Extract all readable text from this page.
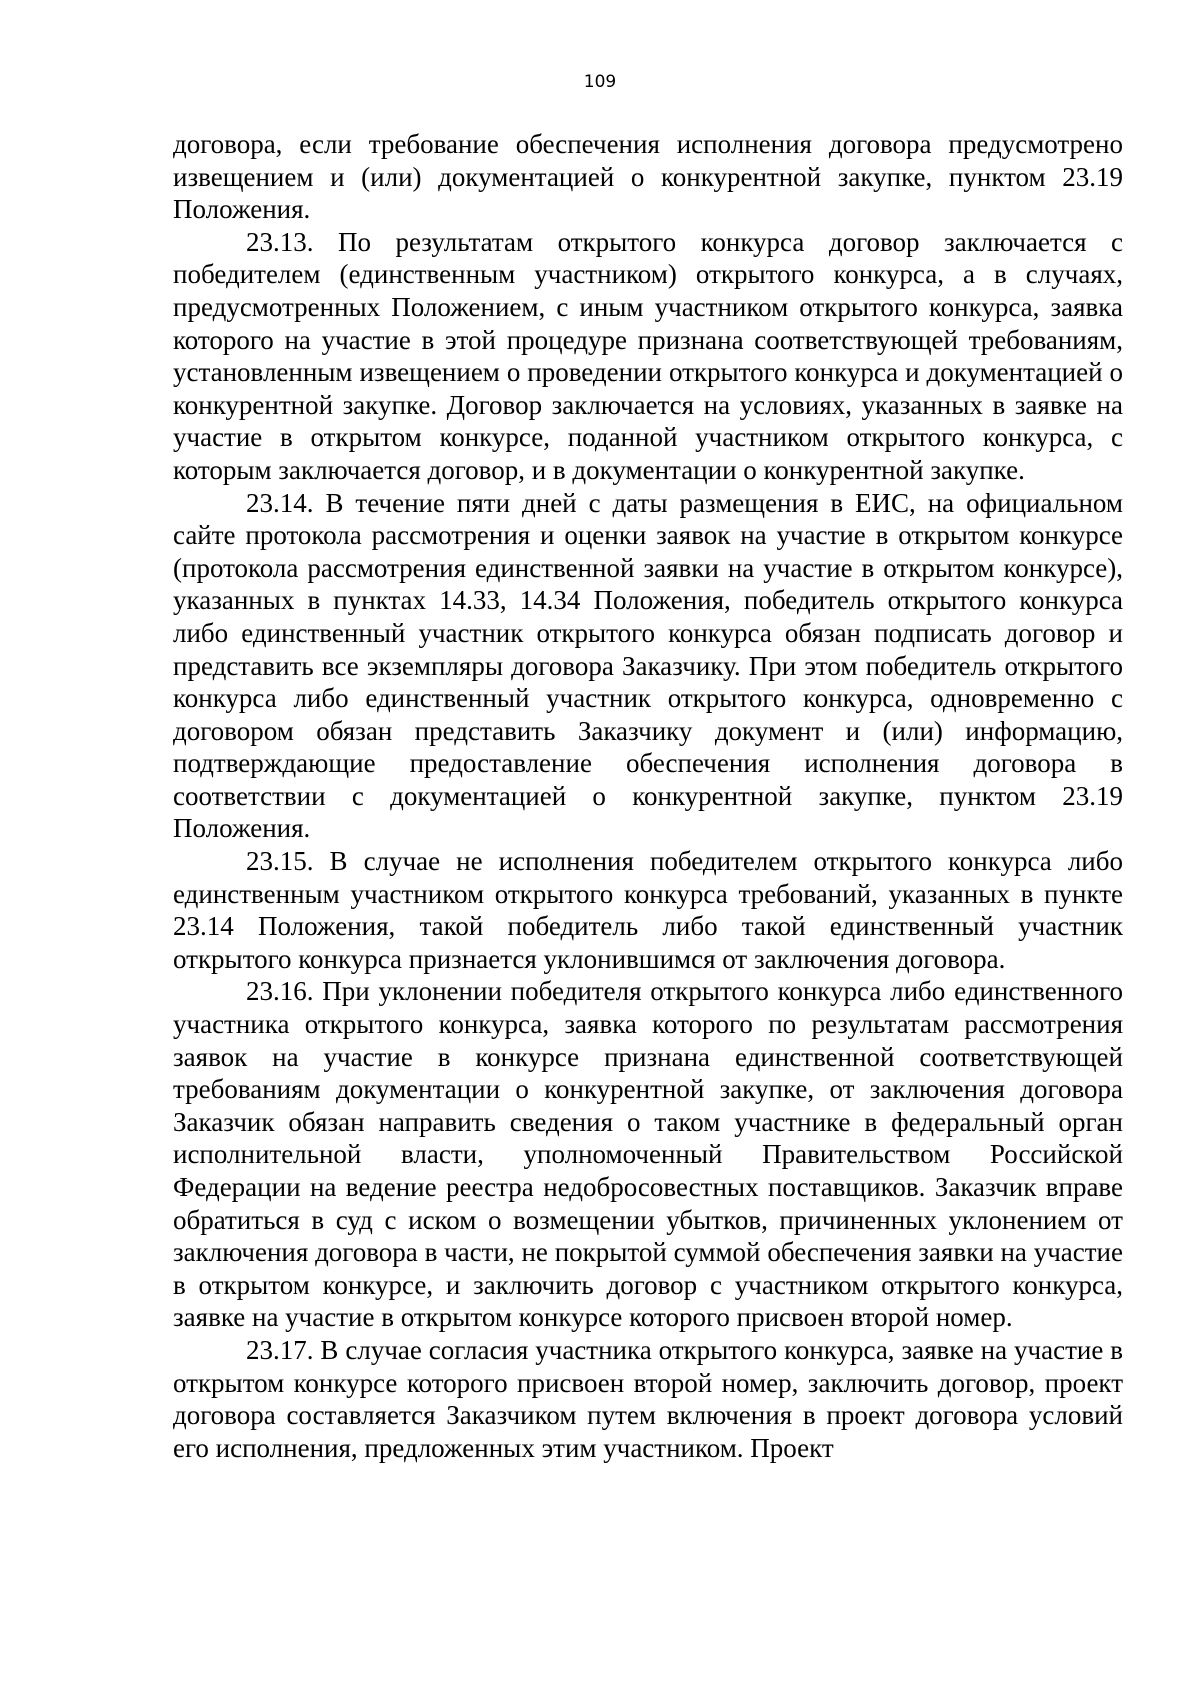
109

договора, если требование обеспечения исполнения договора предусмотрено извещением и (или) документацией о конкурентной закупке, пунктом 23.19 Положения.

23.13. По результатам открытого конкурса договор заключается с победителем (единственным участником) открытого конкурса, а в случаях, предусмотренных Положением, с иным участником открытого конкурса, заявка которого на участие в этой процедуре признана соответствующей требованиям, установленным извещением о проведении открытого конкурса и документацией о конкурентной закупке. Договор заключается на условиях, указанных в заявке на участие в открытом конкурсе, поданной участником открытого конкурса, с которым заключается договор, и в документации о конкурентной закупке.

23.14. В течение пяти дней с даты размещения в ЕИС, на официальном сайте протокола рассмотрения и оценки заявок на участие в открытом конкурсе (протокола рассмотрения единственной заявки на участие в открытом конкурсе), указанных в пунктах 14.33, 14.34 Положения, победитель открытого конкурса либо единственный участник открытого конкурса обязан подписать договор и представить все экземпляры договора Заказчику. При этом победитель открытого конкурса либо единственный участник открытого конкурса, одновременно с договором обязан представить Заказчику документ и (или) информацию, подтверждающие предоставление обеспечения исполнения договора в соответствии с документацией о конкурентной закупке, пунктом 23.19 Положения.

23.15. В случае не исполнения победителем открытого конкурса либо единственным участником открытого конкурса требований, указанных в пункте 23.14 Положения, такой победитель либо такой единственный участник открытого конкурса признается уклонившимся от заключения договора.

23.16. При уклонении победителя открытого конкурса либо единственного участника открытого конкурса, заявка которого по результатам рассмотрения заявок на участие в конкурсе признана единственной соответствующей требованиям документации о конкурентной закупке, от заключения договора Заказчик обязан направить сведения о таком участнике в федеральный орган исполнительной власти, уполномоченный Правительством Российской Федерации на ведение реестра недобросовестных поставщиков. Заказчик вправе обратиться в суд с иском о возмещении убытков, причиненных уклонением от заключения договора в части, не покрытой суммой обеспечения заявки на участие в открытом конкурсе, и заключить договор с участником открытого конкурса, заявке на участие в открытом конкурсе которого присвоен второй номер.

23.17. В случае согласия участника открытого конкурса, заявке на участие в открытом конкурсе которого присвоен второй номер, заключить договор, проект договора составляется Заказчиком путем включения в проект договора условий его исполнения, предложенных этим участником. Проект
